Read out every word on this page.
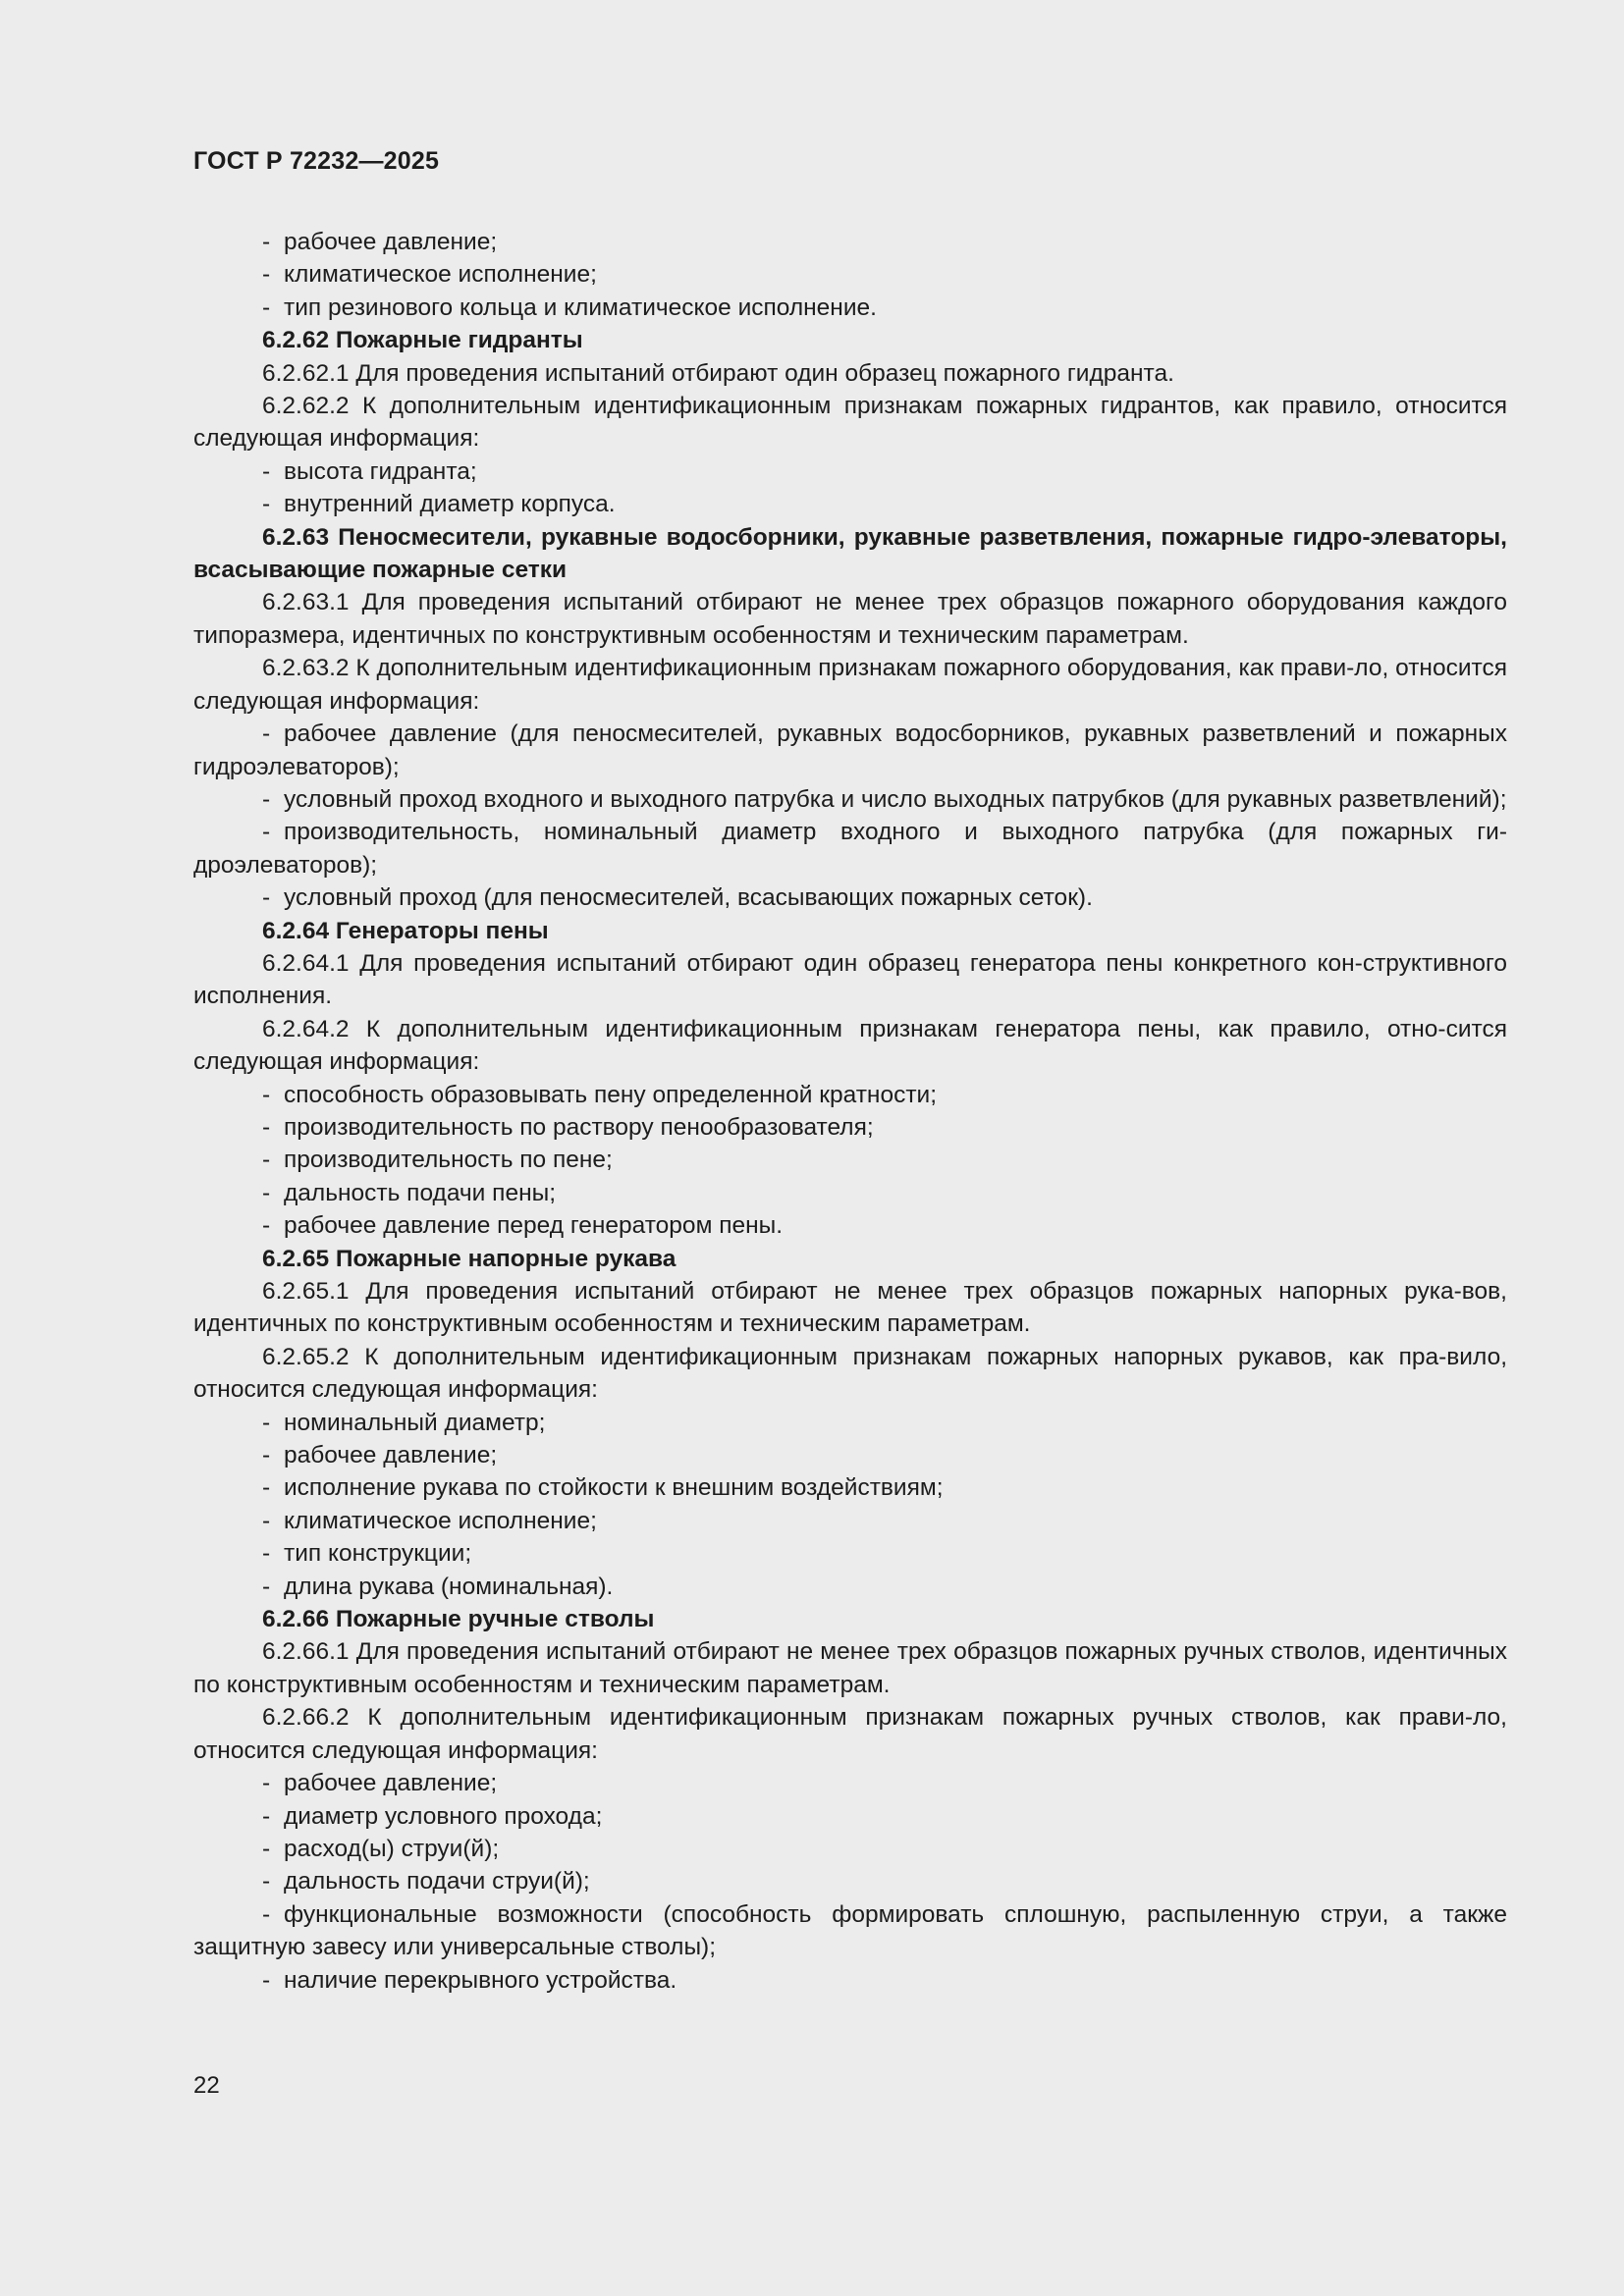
ГОСТ Р 72232—2025
- рабочее давление;
- климатическое исполнение;
- тип резинового кольца и климатическое исполнение.
6.2.62 Пожарные гидранты
6.2.62.1 Для проведения испытаний отбирают один образец пожарного гидранта.
6.2.62.2 К дополнительным идентификационным признакам пожарных гидрантов, как правило, относится следующая информация:
- высота гидранта;
- внутренний диаметр корпуса.
6.2.63 Пеносмесители, рукавные водосборники, рукавные разветвления, пожарные гидро-элеваторы, всасывающие пожарные сетки
6.2.63.1 Для проведения испытаний отбирают не менее трех образцов пожарного оборудования каждого типоразмера, идентичных по конструктивным особенностям и техническим параметрам.
6.2.63.2 К дополнительным идентификационным признакам пожарного оборудования, как прави-ло, относится следующая информация:
- рабочее давление (для пеносмесителей, рукавных водосборников, рукавных разветвлений и пожарных гидроэлеваторов);
- условный проход входного и выходного патрубка и число выходных патрубков (для рукавных разветвлений);
- производительность, номинальный диаметр входного и выходного патрубка (для пожарных ги-дроэлеваторов);
- условный проход (для пеносмесителей, всасывающих пожарных сеток).
6.2.64 Генераторы пены
6.2.64.1 Для проведения испытаний отбирают один образец генератора пены конкретного кон-структивного исполнения.
6.2.64.2 К дополнительным идентификационным признакам генератора пены, как правило, отно-сится следующая информация:
- способность образовывать пену определенной кратности;
- производительность по раствору пенообразователя;
- производительность по пене;
- дальность подачи пены;
- рабочее давление перед генератором пены.
6.2.65 Пожарные напорные рукава
6.2.65.1 Для проведения испытаний отбирают не менее трех образцов пожарных напорных рука-вов, идентичных по конструктивным особенностям и техническим параметрам.
6.2.65.2 К дополнительным идентификационным признакам пожарных напорных рукавов, как пра-вило, относится следующая информация:
- номинальный диаметр;
- рабочее давление;
- исполнение рукава по стойкости к внешним воздействиям;
- климатическое исполнение;
- тип конструкции;
- длина рукава (номинальная).
6.2.66 Пожарные ручные стволы
6.2.66.1 Для проведения испытаний отбирают не менее трех образцов пожарных ручных стволов, идентичных по конструктивным особенностям и техническим параметрам.
6.2.66.2 К дополнительным идентификационным признакам пожарных ручных стволов, как прави-ло, относится следующая информация:
- рабочее давление;
- диаметр условного прохода;
- расход(ы) струи(й);
- дальность подачи струи(й);
- функциональные возможности (способность формировать сплошную, распыленную струи, а также защитную завесу или универсальные стволы);
- наличие перекрывного устройства.
22
